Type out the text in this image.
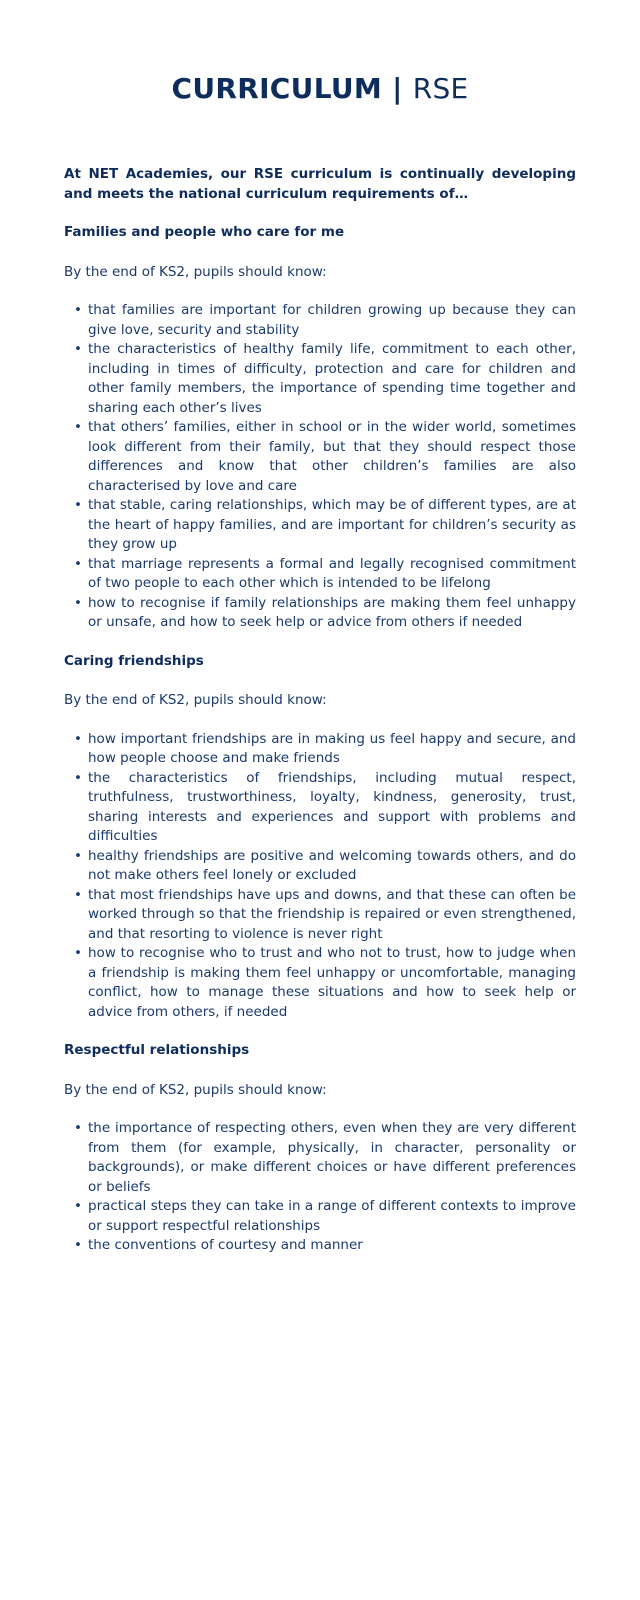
CURRICULUM | RSE

At NET Academies, our RSE curriculum is continually developing and meets the national curriculum requirements of…

Families and people who care for me

By the end of KS2, pupils should know:

• that families are important for children growing up because they can give love, security and stability
• the characteristics of healthy family life, commitment to each other, including in times of difficulty, protection and care for children and other family members, the importance of spending time together and sharing each other’s lives
• that others’ families, either in school or in the wider world, sometimes look different from their family, but that they should respect those differences and know that other children’s families are also characterised by love and care
• that stable, caring relationships, which may be of different types, are at the heart of happy families, and are important for children’s security as they grow up
• that marriage represents a formal and legally recognised commitment of two people to each other which is intended to be lifelong
• how to recognise if family relationships are making them feel unhappy or unsafe, and how to seek help or advice from others if needed
Caring friendships

By the end of KS2, pupils should know:

• how important friendships are in making us feel happy and secure, and how people choose and make friends
• the characteristics of friendships, including mutual respect, truthfulness, trustworthiness, loyalty, kindness, generosity, trust, sharing interests and experiences and support with problems and difficulties
• healthy friendships are positive and welcoming towards others, and do not make others feel lonely or excluded
• that most friendships have ups and downs, and that these can often be worked through so that the friendship is repaired or even strengthened, and that resorting to violence is never right
• how to recognise who to trust and who not to trust, how to judge when a friendship is making them feel unhappy or uncomfortable, managing conflict, how to manage these situations and how to seek help or advice from others, if needed
Respectful relationships

By the end of KS2, pupils should know:

• the importance of respecting others, even when they are very different from them (for example, physically, in character, personality or backgrounds), or make different choices or have different preferences or beliefs
• practical steps they can take in a range of different contexts to improve or support respectful relationships
• the conventions of courtesy and manner
